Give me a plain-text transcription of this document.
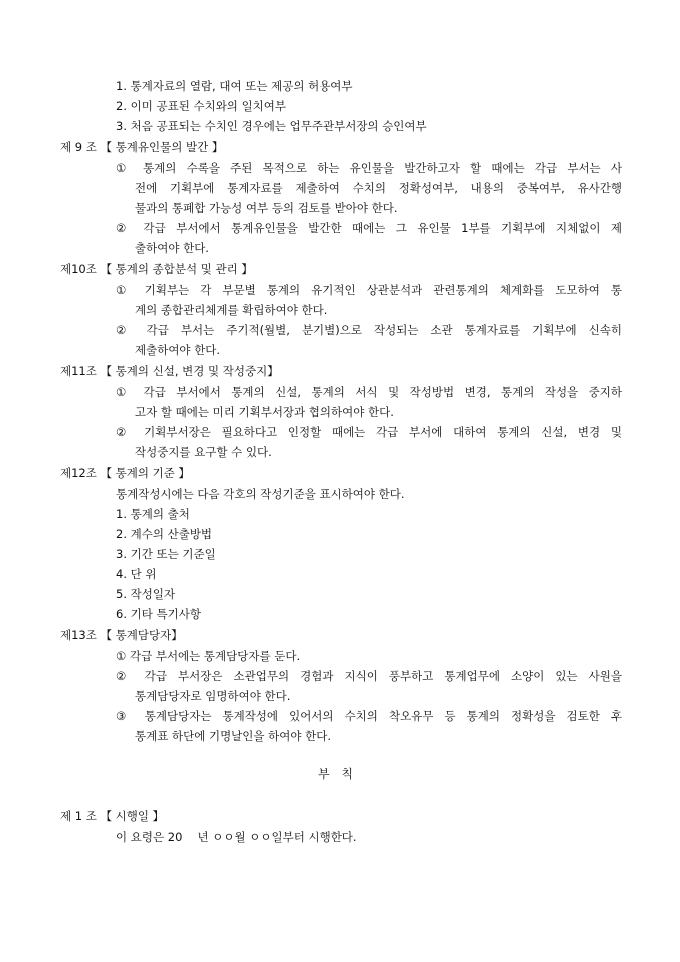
1. 통계자료의 열람, 대여 또는 제공의 허용여부
2. 이미 공표된 수치와의 일치여부
3. 처음 공표되는 수치인 경우에는 업무주관부서장의 승인여부
제 9 조 【 통계유인물의 발간 】
① 통계의 수록을 주된 목적으로 하는 유인물을 발간하고자 할 때에는 각급 부서는 사
전에 기획부에 통계자료를 제출하여 수치의 정확성여부, 내용의 중복여부, 유사간행
물과의 통폐합 가능성 여부 등의 검토를 받아야 한다.
② 각급 부서에서 통계유인물을 발간한 때에는 그 유인물 1부를 기획부에 지체없이 제
출하여야 한다.
제10조 【 통계의 종합분석 및 관리 】
① 기획부는 각 부문별 통계의 유기적인 상관분석과 관련통계의 체계화를 도모하여 통
계의 종합관리체계를 확립하여야 한다.
② 각급 부서는 주기적(월별, 분기별)으로 작성되는 소관 통계자료를 기획부에 신속히
제출하여야 한다.
제11조 【 통계의 신설, 변경 및 작성중지】
① 각급 부서에서 통계의 신설, 통계의 서식 및 작성방법 변경, 통계의 작성을 중지하
고자 할 때에는 미리 기획부서장과 협의하여야 한다.
② 기획부서장은 필요하다고 인정할 때에는 각급 부서에 대하여 통계의 신설, 변경 및
작성중지를 요구할 수 있다.
제12조 【 통계의 기준 】
통계작성시에는 다음 각호의 작성기준을 표시하여야 한다.
1. 통계의 출처
2. 계수의 산출방법
3. 기간 또는 기준일
4. 단 위
5. 작성일자
6. 기타 특기사항
제13조 【 통계담당자】
① 각급 부서에는 통계담당자를 둔다.
② 각급 부서장은 소관업무의 경험과 지식이 풍부하고 통계업무에 소양이 있는 사원을
통계담당자로 임명하여야 한다.
③ 통계담당자는 통계작성에 있어서의 수치의 착오유무 등 통계의 정확성을 검토한 후
통계표 하단에 기명날인을 하여야 한다.
부 칙
제 1 조 【 시행일 】
이 요령은 20　 년 ㅇㅇ월 ㅇㅇ일부터 시행한다.
